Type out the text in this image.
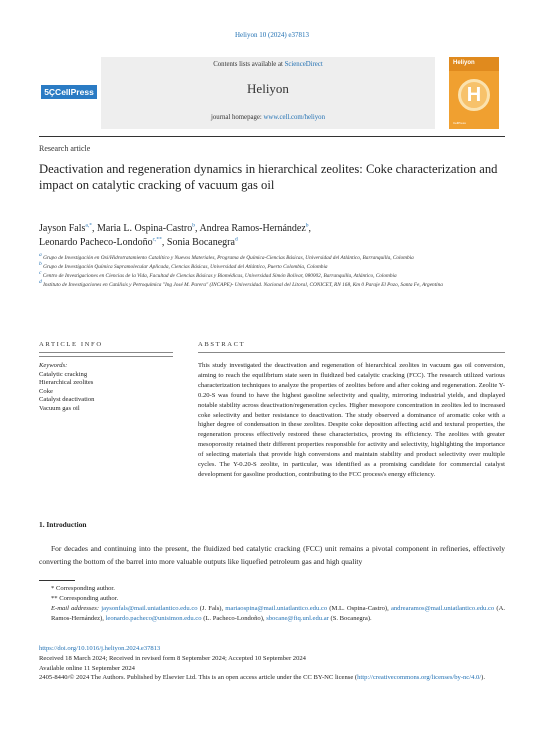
Heliyon 10 (2024) e37813
5ÇCellPress
Contents lists available at ScienceDirect
Heliyon
journal homepage: www.cell.com/heliyon
Heliyon
H
CellPress
Research article
Deactivation and regeneration dynamics in hierarchical zeolites: Coke characterization and impact on catalytic cracking of vacuum gas oil
Jayson Fals$^{a,*}$, Maria L. Ospina-Castro$^b$, Andrea Ramos-Hernández$^b$,
Leonardo Pacheco-Londoño$^{c,**}$, Sonia Bocanegra$^d$

$^a$ Grupo de Investigación en Oxi/Hidrotratamiento Catalítico y Nuevos Materiales, Programa de Química-Ciencias Básicas, Universidad del Atlántico, Barranquilla, Colombia

$^b$ Grupo de Investigación Química Supramolecular Aplicada, Ciencias Básicas, Universidad del Atlántico, Puerto Colombia, Colombia

$^c$ Centro de Investigaciones en Ciencias de la Vida, Facultad de Ciencias Básicas y Biomédicas, Universidad Simón Bolívar, 080002, Barranquilla, Atlántico, Colombia

$^d$ Instituto de Investigaciones en Catálisis y Petroquímica "Ing José M. Parera" (INCAPE)- Universidad. Nacional del Litoral, CONICET, RN 168, Km 0 Paraje El Pozo, Santa Fe, Argentina

ARTICLE INFO	ABSTRACT
Keywords:
Catalytic cracking
Hierarchical zeolites
Coke
Catalyst deactivation
Vacuum gas oil
This study investigated the deactivation and regeneration of hierarchical zeolites in vacuum gas oil conversion, aiming to reach the equilibrium state seen in fluidized bed catalytic cracking (FCC). The research utilized various characterization techniques to analyze the properties of zeolites before and after coking and regeneration. Zeolite Y-0.20-S was found to have the highest gasoline selectivity and quality, mirroring industrial yields, and displayed notable stability across deactivation/regeneration cycles. Higher mesopore concentration in zeolites led to increased coke selectivity and better resistance to deactivation. The study observed a dominance of aromatic coke with a higher degree of condensation in these zeolites. Despite coke deposition affecting acid and textural properties, the regeneration process effectively restored these characteristics, proving its efficiency. The zeolites with greater mesoporosity retained their different properties responsible for activity and selectivity, highlighting the importance of selecting materials that provide high conversions and maintain stability and product selectivity over multiple cycles. The Y-0.20-S zeolite, in particular, was identified as a promising candidate for commercial catalyst development for gasoline production, contributing to the FCC process's energy efficiency.
1. Introduction
For decades and continuing into the present, the fluidized bed catalytic cracking (FCC) unit remains a pivotal component in refineries, effectively converting the bottom of the barrel into more valuable outputs like liquefied petroleum gas and high quality

* Corresponding author.

** Corresponding author.

E-mail addresses: jaysonfals@mail.uniatlantico.edu.co (J. Fals), mariaospina@mail.uniatlantico.edu.co (M.L. Ospina-Castro), andrearamos@mail.uniatlantico.edu.co (A. Ramos-Hernández), leonardo.pacheco@unisimon.edu.co (L. Pacheco-Londoño), sbocane@fiq.unl.edu.ar (S. Bocanegra).

https://doi.org/10.1016/j.heliyon.2024.e37813

Received 18 March 2024; Received in revised form 8 September 2024; Accepted 10 September 2024

Available online 11 September 2024

2405-8440/© 2024 The Authors. Published by Elsevier Ltd. This is an open access article under the CC BY-NC license (http://creativecommons.org/licenses/by-nc/4.0/).
